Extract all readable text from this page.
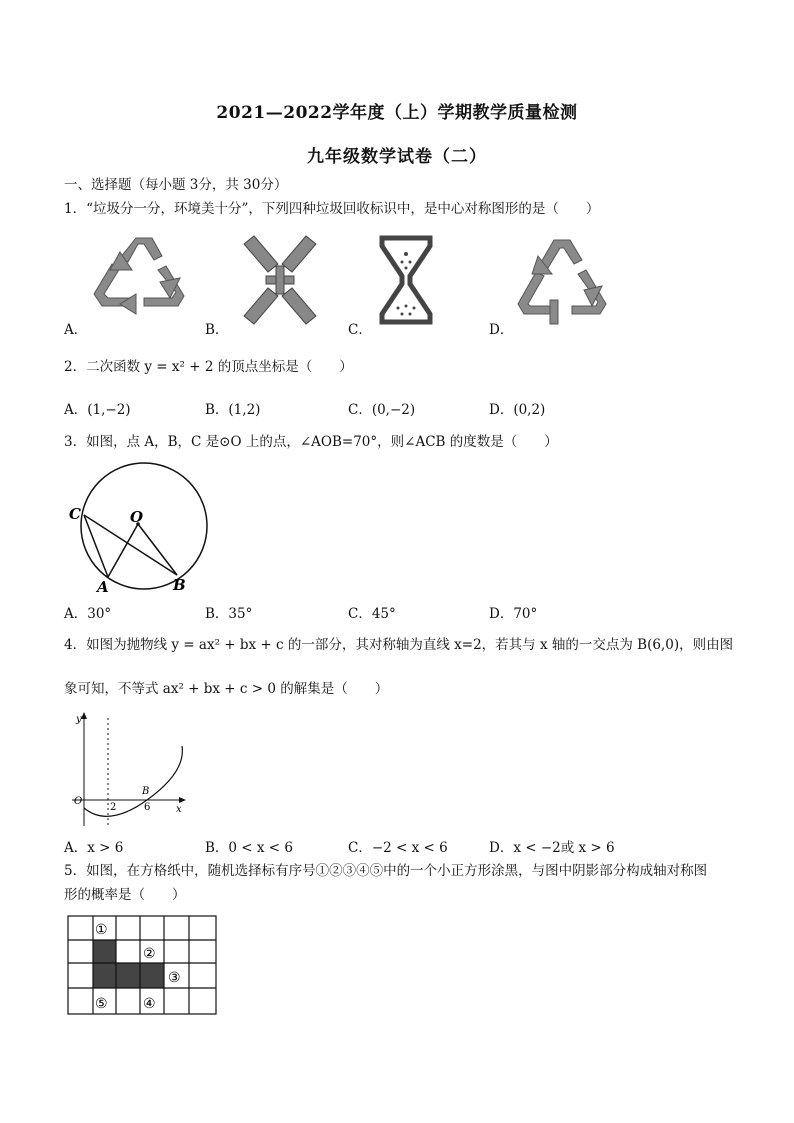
2021—2022学年度（上）学期教学质量检测
九年级数学试卷（二）
一、选择题（每小题 3分，共 30分）
1．“垃圾分一分，环境美十分”，下列四种垃圾回收标识中，是中心对称图形的是（　　）
A．	B．	C．	D．
2．二次函数 y = x² + 2 的顶点坐标是（　　）
A．(1,−2)	B．(1,2)	C．(0,−2)	D．(0,2)
3．如图，点 A，B，C 是⊙O 上的点，∠AOB=70°，则∠ACB 的度数是（　　）
C	O
A	B
A．30°	B．35°	C．45°	D．70°
4．如图为抛物线 y = ax² + bx + c 的一部分，其对称轴为直线 x=2，若其与 x 轴的一交点为 B(6,0)，则由图
象可知，不等式 ax² + bx + c > 0 的解集是（　　）
y
O
2
B
6	x
A．x > 6	B．0 < x < 6	C．−2 < x < 6	D．x < −2或 x > 6
5．如图，在方格纸中，随机选择标有序号①②③④⑤中的一个小正方形涂黑，与图中阴影部分构成轴对称图
形的概率是（　　）
①
②
③
④
⑤
